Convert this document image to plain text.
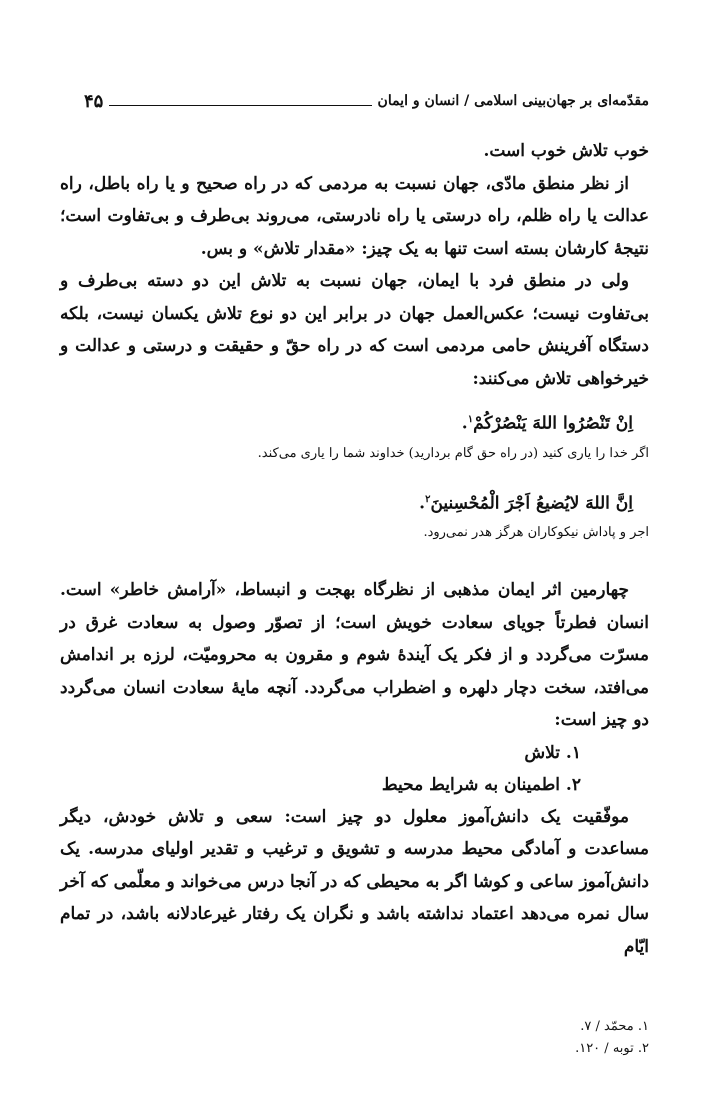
مقدّمه‌ای بر جهان‌بینی اسلامی / انسان و ایمان
۴۵

خوب تلاش خوب است.

از نظر منطق مادّی، جهان نسبت به مردمی که در راه صحیح و یا راه باطل، راه عدالت یا راه ظلم، راه درستی یا راه نادرستی، می‌روند بی‌طرف و بی‌تفاوت است؛ نتیجهٔ کارشان بسته است تنها به یک چیز: «مقدار تلاش» و بس.

ولی در منطق فرد با ایمان، جهان نسبت به تلاش این دو دسته بی‌طرف و بی‌تفاوت نیست؛ عکس‌العمل جهان در برابر این دو نوع تلاش یکسان نیست، بلکه دستگاه آفرینش حامی مردمی است که در راه حقّ و حقیقت و درستی و عدالت و خیرخواهی تلاش می‌کنند:

اِنْ تَنْصُرُوا اللهَ یَنْصُرْکُمْ$^۱$.

اگر خدا را یاری کنید (در راه حق گام بردارید) خداوند شما را یاری می‌کند.

اِنَّ اللهَ لایُضیعُ اَجْرَ الْمُحْسِنینَ$^۲$.

اجر و پاداش نیکوکاران هرگز هدر نمی‌رود.

چهارمین اثر ایمان مذهبی از نظرگاه بهجت و انبساط، «آرامش خاطر» است. انسان فطرتاً جویای سعادت خویش است؛ از تصوّر وصول به سعادت غرق در مسرّت می‌گردد و از فکر یک آیندهٔ شوم و مقرون به محرومیّت، لرزه بر اندامش می‌افتد، سخت دچار دلهره و اضطراب می‌گردد. آنچه مایهٔ سعادت انسان می‌گردد دو چیز است:

۱. تلاش

۲. اطمینان به شرایط محیط

موفّقیت یک دانش‌آموز معلول دو چیز است: سعی و تلاش خودش، دیگر مساعدت و آمادگی محیط مدرسه و تشویق و ترغیب و تقدیر اولیای مدرسه. یک دانش‌آموز ساعی و کوشا اگر به محیطی که در آنجا درس می‌خواند و معلّمی که آخر سال نمره می‌دهد اعتماد نداشته باشد و نگران یک رفتار غیرعادلانه باشد، در تمام ایّام

۱. محمّد / ۷.

۲. توبه / ۱۲۰.
